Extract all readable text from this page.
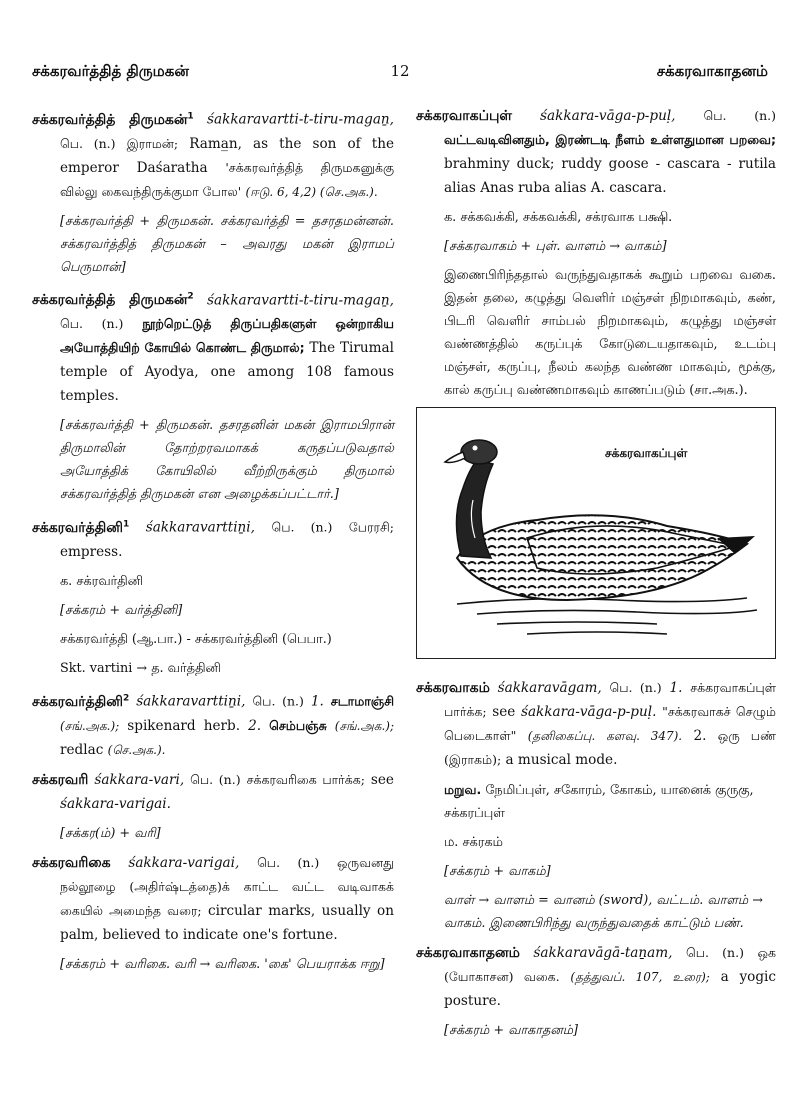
சக்கரவர்த்தித் திருமகன்	12	சக்கரவாகாதனம்
சக்கரவர்த்தித் திருமகன்$^1$ śakkaravartti-t-tiru-magaṉ, பெ. (n.) இராமன்; Rama̲n, as the son of the emperor Daśaratha 'சக்கரவர்த்தித் திருமகனுக்கு வில்லு கைவந்திருக்குமா போல' (ஈடு. 6, 4,2) (செ.அக.).
[சக்கரவர்த்தி + திருமகன். சக்கரவர்த்தி = தசரதமன்னன். சக்கரவர்த்தித் திருமகன் – அவரது மகன் இராமப் பெருமான்]
சக்கரவர்த்தித் திருமகன்$^2$ śakkaravartti-t-tiru-magaṉ, பெ. (n.) நூற்றெட்டுத் திருப்பதிகளுள் ஒன்றாகிய அயோத்தியிற் கோயில் கொண்ட திருமால்; The Tirumal temple of Ayodya, one among 108 famous temples.
[சக்கரவர்த்தி + திருமகன். தசரதனின் மகன் இராமபிரான் திருமாலின் தோற்றரவமாகக் கருதப்படுவதால் அயோத்திக் கோயிலில் வீற்றிருக்கும் திருமால் சக்கரவர்த்தித் திருமகன் என அழைக்கப்பட்டார்.]
சக்கரவர்த்தினி$^1$ śakkaravarttiṉi, பெ. (n.) பேரரசி; empress.
க. சக்ரவர்தினி
[சக்கரம் + வர்த்தினி]
சக்கரவர்த்தி (ஆ.பா.) - சக்கரவர்த்தினி (பெபா.)
Skt. vartini → த. வர்த்தினி
சக்கரவர்த்தினி$^2$ śakkaravarttiṉi, பெ. (n.) 1. சடாமாஞ்சி (சங்.அக.); spikenard herb. 2. செம்பஞ்சு (சங்.அக.); redlac (செ.அக.).
சக்கரவரி śakkara-vari, பெ. (n.) சக்கரவரிகை பார்க்க; see śakkara-varigai.
[சக்கர(ம்) + வரி]
சக்கரவரிகை śakkara-varigai, பெ. (n.) ஒருவனது நல்லூழை (அதிர்ஷ்டத்தை)க் காட்ட வட்ட வடிவாகக் கையில் அமைந்த வரை; circular marks, usually on palm, believed to indicate one's fortune.
[சக்கரம் + வரிகை. வரி → வரிகை. 'கை' பெயராக்க ஈறு]
சக்கரவாகப்புள் śakkara-vāga-p-puḷ, பெ. (n.) வட்டவடிவினதும், இரண்டடி நீளம் உள்ளதுமான பறவை; brahminy duck; ruddy goose - cascara - rutila alias Anas ruba alias A. cascara.
க. சக்கவக்கி, சக்கவக்கி, சக்ரவாக பக்ஷி.
[சக்கரவாகம் + புள். வாளம் → வாகம்]
இணைபிரிந்ததால் வருந்துவதாகக் கூறும் பறவை வகை. இதன் தலை, கழுத்து வெளிர் மஞ்சள் நிறமாகவும், கண், பிடரி வெளிர் சாம்பல் நிறமாகவும், கழுத்து மஞ்சள் வண்ணத்தில் கருப்புக் கோடுடையதாகவும், உடம்பு மஞ்சள், கருப்பு, நீலம் கலந்த வண்ண மாகவும், மூக்கு, கால் கருப்பு வண்ணமாகவும் காணப்படும் (சா.அக.).
சக்கரவாகப்புள்
சக்கரவாகம் śakkaravāgam, பெ. (n.) 1. சக்கரவாகப்புள் பார்க்க; see śakkara-vāga-p-puḷ. "சக்கரவாகச் செழும் பெடைகாள்" (தனிகைப்பு. களவு. 347). 2. ஒரு பண் (இராகம்); a musical mode.
மறுவ. நேமிப்புள், சகோரம், கோகம், யானைக் குருகு, சக்கரப்புள்
ம. சக்ரகம்
[சக்கரம் + வாகம்]
வாள் → வாளம் = வானம் (sword), வட்டம். வாளம் → வாகம். இணைபிரிந்து வருந்துவதைக் காட்டும் பண்.
சக்கரவாகாதனம் śakkaravāgā-taṉam, பெ. (n.) ஒக (யோகாசன) வகை. (தத்துவப். 107, உரை); a yogic posture.
[சக்கரம் + வாகாதனம்]
